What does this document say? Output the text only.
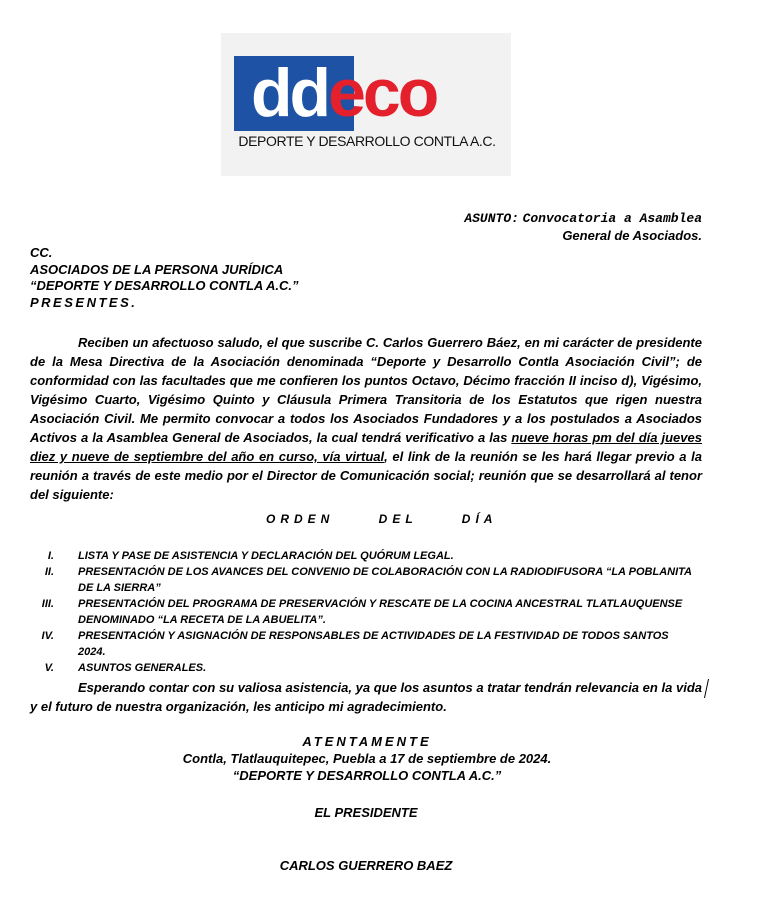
ddeco
DEPORTE Y DESARROLLO CONTLA A.C.
ASUNTO: Convocatoria a Asamblea
General de Asociados.
CC.
ASOCIADOS DE LA PERSONA JURÍDICA
“DEPORTE Y DESARROLLO CONTLA A.C.”
PRESENTES.
Reciben un afectuoso saludo, el que suscribe C. Carlos Guerrero Báez, en mi carácter de presidente de la Mesa Directiva de la Asociación denominada “Deporte y Desarrollo Contla Asociación Civil”; de conformidad con las facultades que me confieren los puntos Octavo, Décimo fracción II inciso d), Vigésimo, Vigésimo Cuarto, Vigésimo Quinto y Cláusula Primera Transitoria de los Estatutos que rigen nuestra Asociación Civil. Me permito convocar a todos los Asociados Fundadores y a los postulados a Asociados Activos a la Asamblea General de Asociados, la cual tendrá verificativo a las nueve horas pm del día jueves diez y nueve de septiembre del año en curso, vía virtual, el link de la reunión se les hará llegar previo a la reunión a través de este medio por el Director de Comunicación social; reunión que se desarrollará al tenor del siguiente:
ORDEN DEL DÍA
I. LISTA Y PASE DE ASISTENCIA Y DECLARACIÓN DEL QUÓRUM LEGAL.
II. PRESENTACIÓN DE LOS AVANCES DEL CONVENIO DE COLABORACIÓN CON LA RADIODIFUSORA “LA POBLANITA DE LA SIERRA”
III. PRESENTACIÓN DEL PROGRAMA DE PRESERVACIÓN Y RESCATE DE LA COCINA ANCESTRAL TLATLAUQUENSE DENOMINADO “LA RECETA DE LA ABUELITA”.
IV. PRESENTACIÓN Y ASIGNACIÓN DE RESPONSABLES DE ACTIVIDADES DE LA FESTIVIDAD DE TODOS SANTOS 2024.
V. ASUNTOS GENERALES.
Esperando contar con su valiosa asistencia, ya que los asuntos a tratar tendrán relevancia en la vida y el futuro de nuestra organización, les anticipo mi agradecimiento.
ATENTAMENTE
Contla, Tlatlauquitepec, Puebla a 17 de septiembre de 2024.
“DEPORTE Y DESARROLLO CONTLA A.C.”
EL PRESIDENTE
CARLOS GUERRERO BAEZ
